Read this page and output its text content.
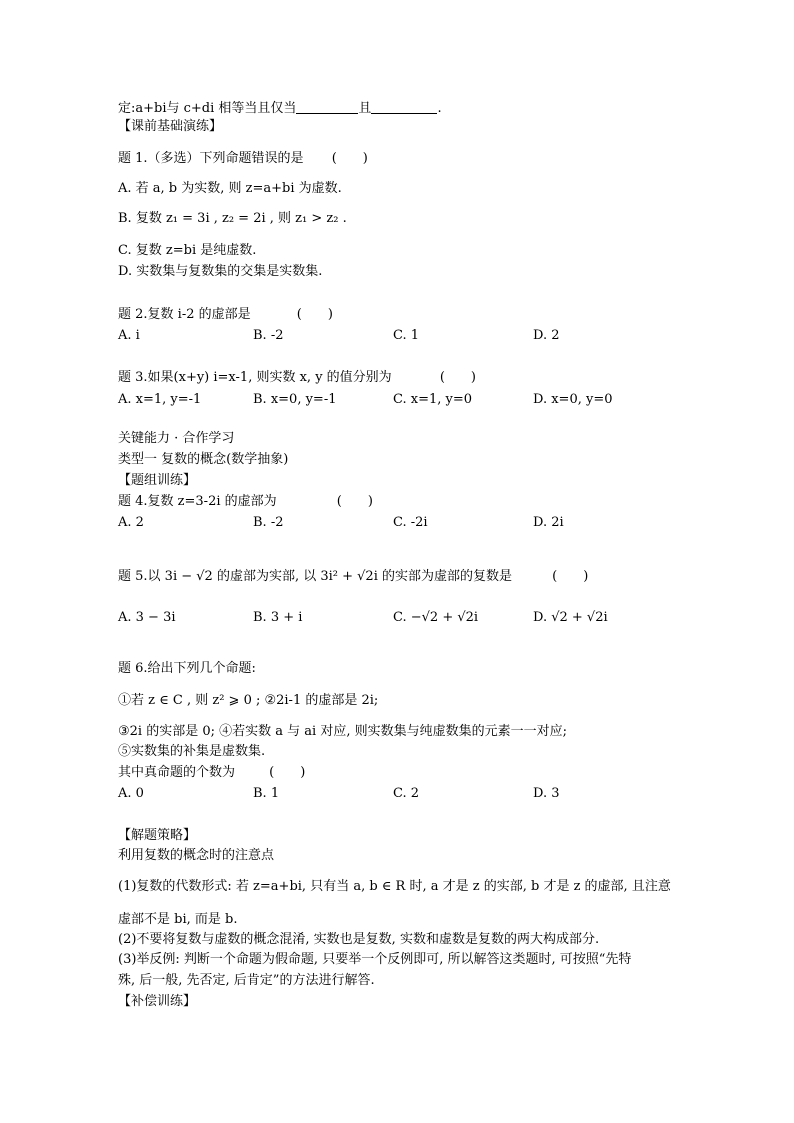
定:a+bi与 c+di 相等当且仅当	且	.
【课前基础演练】
题 1.（多选）下列命题错误的是 (　　)
A. 若 a, b 为实数, 则 z=a+bi 为虚数.
B. 复数 z₁ = 3i , z₂ = 2i , 则 z₁ > z₂ .
C. 复数 z=bi 是纯虚数.
D. 实数集与复数集的交集是实数集.
题 2.复数 i-2 的虚部是	(　　)
A. i	B. -2	C. 1	D. 2
题 3.如果(x+y) i=x-1, 则实数 x, y 的值分别为	(　　)
A. x=1, y=-1	B. x=0, y=-1	C. x=1, y=0	D. x=0, y=0
关键能力 · 合作学习
类型一 复数的概念(数学抽象)
【题组训练】
题 4.复数 z=3-2i 的虚部为	(　　)
A. 2	B. -2	C. -2i	D. 2i
题 5.以 3i − √2 的虚部为实部, 以 3i² + √2i 的实部为虚部的复数是	(　　)
A. 3 − 3i	B. 3 + i	C. −√2 + √2i	D. √2 + √2i
题 6.给出下列几个命题:
①若 z ∈ C , 则 z² ⩾ 0 ; ②2i-1 的虚部是 2i;
③2i 的实部是 0; ④若实数 a 与 ai 对应, 则实数集与纯虚数集的元素一一对应;
⑤实数集的补集是虚数集.
其中真命题的个数为	(　　)
A. 0	B. 1	C. 2	D. 3
【解题策略】
利用复数的概念时的注意点
(1)复数的代数形式: 若 z=a+bi, 只有当 a, b ∈ R 时, a 才是 z 的实部, b 才是 z 的虚部, 且注意
虚部不是 bi, 而是 b.
(2)不要将复数与虚数的概念混淆, 实数也是复数, 实数和虚数是复数的两大构成部分.
(3)举反例: 判断一个命题为假命题, 只要举一个反例即可, 所以解答这类题时, 可按照“先特
殊, 后一般, 先否定, 后肯定”的方法进行解答.
【补偿训练】
